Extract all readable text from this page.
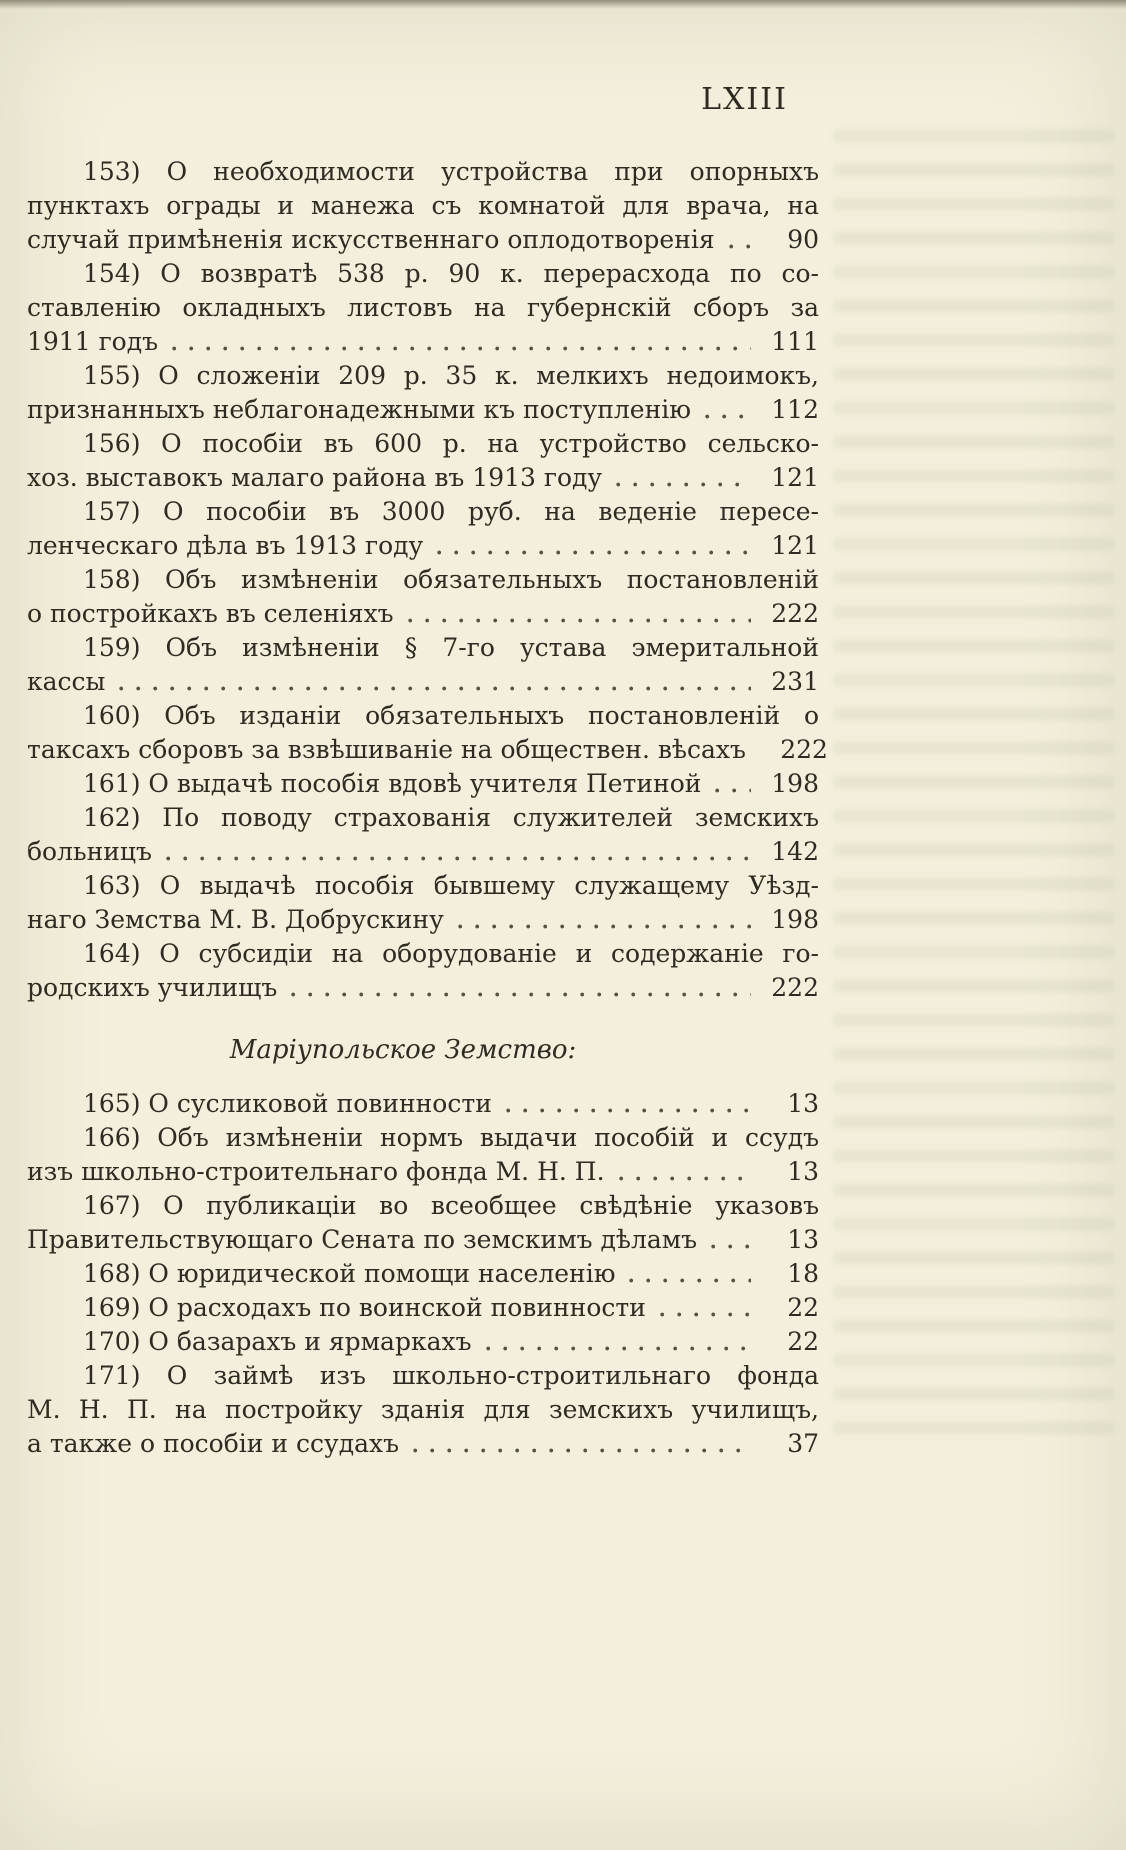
LXIII
153) О необходимости устройства при опорныхъ
пунктахъ ограды и манежа съ комнатой для врача, на
случай примѣненія искусственнаго оплодотворенія	90
154) О возвратѣ 538 р. 90 к. перерасхода по со-
ставленію окладныхъ листовъ на губернскій сборъ за
1911 годъ	111
155) О сложеніи 209 р. 35 к. мелкихъ недоимокъ,
признанныхъ неблагонадежными къ поступленію	112
156) О пособіи въ 600 р. на устройство сельско-
хоз. выставокъ малаго района въ 1913 году	121
157) О пособіи въ 3000 руб. на веденіе пересе-
ленческаго дѣла въ 1913 году	121
158) Объ измѣненіи обязательныхъ постановленій
о постройкахъ въ селеніяхъ	222
159) Объ измѣненіи § 7-го устава эмеритальной
кассы	231
160) Объ изданіи обязательныхъ постановленій о
таксахъ сборовъ за взвѣшиваніе на обществен. вѣсахъ	222
161) О выдачѣ пособія вдовѣ учителя Петиной	198
162) По поводу страхованія служителей земскихъ
больницъ	142
163) О выдачѣ пособія бывшему служащему Уѣзд-
наго Земства М. В. Добрускину	198
164) О субсидіи на оборудованіе и содержаніе го-
родскихъ училищъ	222
Маріупольское Земство:
165) О сусликовой повинности	13
166) Объ измѣненіи нормъ выдачи пособій и ссудъ
изъ школьно-строительнаго фонда М. Н. П.	13
167) О публикаціи во всеобщее свѣдѣніе указовъ
Правительствующаго Сената по земскимъ дѣламъ	13
168) О юридической помощи населенію	18
169) О расходахъ по воинской повинности	22
170) О базарахъ и ярмаркахъ	22
171) О займѣ изъ школьно-строитильнаго фонда
М. Н. П. на постройку зданія для земскихъ училищъ,
а также о пособіи и ссудахъ	37
